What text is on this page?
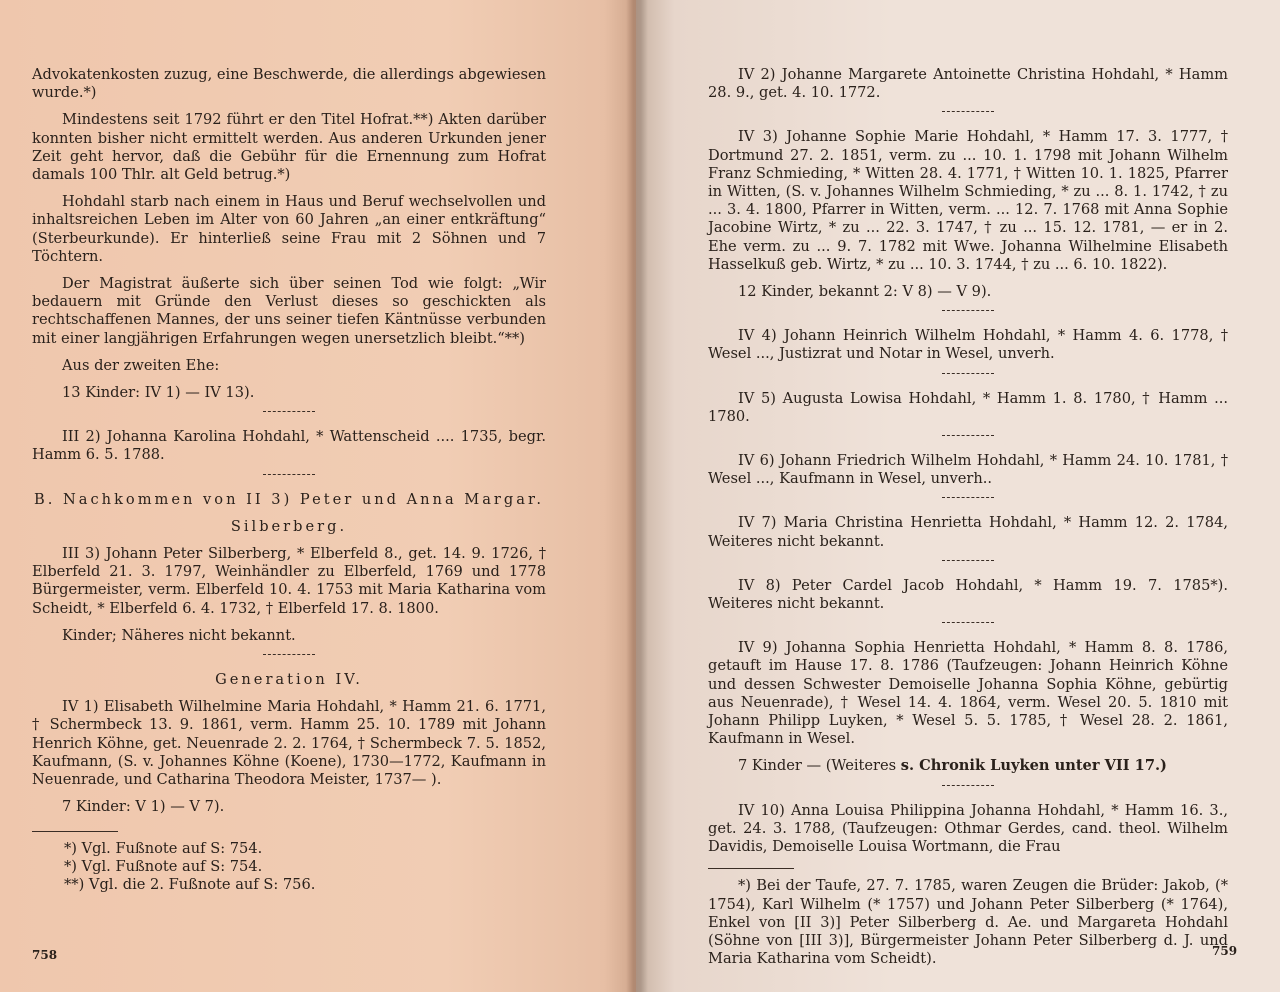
Advokatenkosten zuzug, eine Beschwerde, die allerdings abgewiesen wurde.*)

Mindestens seit 1792 führt er den Titel Hofrat.**) Akten darüber konnten bisher nicht ermittelt werden. Aus anderen Urkunden jener Zeit geht hervor, daß die Gebühr für die Ernennung zum Hofrat damals 100 Thlr. alt Geld betrug.*)

Hohdahl starb nach einem in Haus und Beruf wechselvollen und inhaltsreichen Leben im Alter von 60 Jahren „an einer entkräftung“ (Sterbeurkunde). Er hinterließ seine Frau mit 2 Söhnen und 7 Töchtern.

Der Magistrat äußerte sich über seinen Tod wie folgt: „Wir bedauern mit Gründe den Verlust dieses so geschickten als rechtschaffenen Mannes, der uns seiner tiefen Käntnüsse verbunden mit einer langjährigen Erfahrungen wegen unersetzlich bleibt.“**)

Aus der zweiten Ehe:

13 Kinder: IV 1) — IV 13).

III 2) Johanna Karolina Hohdahl, * Wattenscheid .... 1735, begr. Hamm 6. 5. 1788.

B. Nachkommen von II 3) Peter und Anna Margar.

Silberberg.

III 3) Johann Peter Silberberg, * Elberfeld 8., get. 14. 9. 1726, † Elberfeld 21. 3. 1797, Weinhändler zu Elberfeld, 1769 und 1778 Bürgermeister, verm. Elberfeld 10. 4. 1753 mit Maria Katharina vom Scheidt, * Elberfeld 6. 4. 1732, † Elberfeld 17. 8. 1800.

Kinder; Näheres nicht bekannt.

Generation IV.

IV 1) Elisabeth Wilhelmine Maria Hohdahl, * Hamm 21. 6. 1771, † Schermbeck 13. 9. 1861, verm. Hamm 25. 10. 1789 mit Johann Henrich Köhne, get. Neuenrade 2. 2. 1764, † Schermbeck 7. 5. 1852, Kaufmann, (S. v. Johannes Köhne (Koene), 1730—1772, Kaufmann in Neuenrade, und Catharina Theodora Meister, 1737— ).

7 Kinder: V 1) — V 7).

*) Vgl. Fußnote auf S: 754.

*) Vgl. Fußnote auf S: 754.

**) Vgl. die 2. Fußnote auf S: 756.

758

IV 2) Johanne Margarete Antoinette Christina Hohdahl, * Hamm 28. 9., get. 4. 10. 1772.

IV 3) Johanne Sophie Marie Hohdahl, * Hamm 17. 3. 1777, † Dortmund 27. 2. 1851, verm. zu ... 10. 1. 1798 mit Johann Wilhelm Franz Schmieding, * Witten 28. 4. 1771, † Witten 10. 1. 1825, Pfarrer in Witten, (S. v. Johannes Wilhelm Schmieding, * zu ... 8. 1. 1742, † zu ... 3. 4. 1800, Pfarrer in Witten, verm. ... 12. 7. 1768 mit Anna Sophie Jacobine Wirtz, * zu ... 22. 3. 1747, † zu ... 15. 12. 1781, — er in 2. Ehe verm. zu ... 9. 7. 1782 mit Wwe. Johanna Wilhelmine Elisabeth Hasselkuß geb. Wirtz, * zu ... 10. 3. 1744, † zu ... 6. 10. 1822).

12 Kinder, bekannt 2: V 8) — V 9).

IV 4) Johann Heinrich Wilhelm Hohdahl, * Hamm 4. 6. 1778, † Wesel ..., Justizrat und Notar in Wesel, unverh.

IV 5) Augusta Lowisa Hohdahl, * Hamm 1. 8. 1780, † Hamm ... 1780.

IV 6) Johann Friedrich Wilhelm Hohdahl, * Hamm 24. 10. 1781, † Wesel ..., Kaufmann in Wesel, unverh..

IV 7) Maria Christina Henrietta Hohdahl, * Hamm 12. 2. 1784, Weiteres nicht bekannt.

IV 8) Peter Cardel Jacob Hohdahl, * Hamm 19. 7. 1785*). Weiteres nicht bekannt.

IV 9) Johanna Sophia Henrietta Hohdahl, * Hamm 8. 8. 1786, getauft im Hause 17. 8. 1786 (Taufzeugen: Johann Heinrich Köhne und dessen Schwester Demoiselle Johanna Sophia Köhne, gebürtig aus Neuenrade), † Wesel 14. 4. 1864, verm. Wesel 20. 5. 1810 mit Johann Philipp Luyken, * Wesel 5. 5. 1785, † Wesel 28. 2. 1861, Kaufmann in Wesel.

7 Kinder — (Weiteres s. Chronik Luyken unter VII 17.)

IV 10) Anna Louisa Philippina Johanna Hohdahl, * Hamm 16. 3., get. 24. 3. 1788, (Taufzeugen: Othmar Gerdes, cand. theol. Wilhelm Davidis, Demoiselle Louisa Wortmann, die Frau

*) Bei der Taufe, 27. 7. 1785, waren Zeugen die Brüder: Jakob, (* 1754), Karl Wilhelm (* 1757) und Johann Peter Silberberg (* 1764), Enkel von [II 3)] Peter Silberberg d. Ae. und Margareta Hohdahl (Söhne von [III 3)], Bürgermeister Johann Peter Silberberg d. J. und Maria Katharina vom Scheidt).	759
